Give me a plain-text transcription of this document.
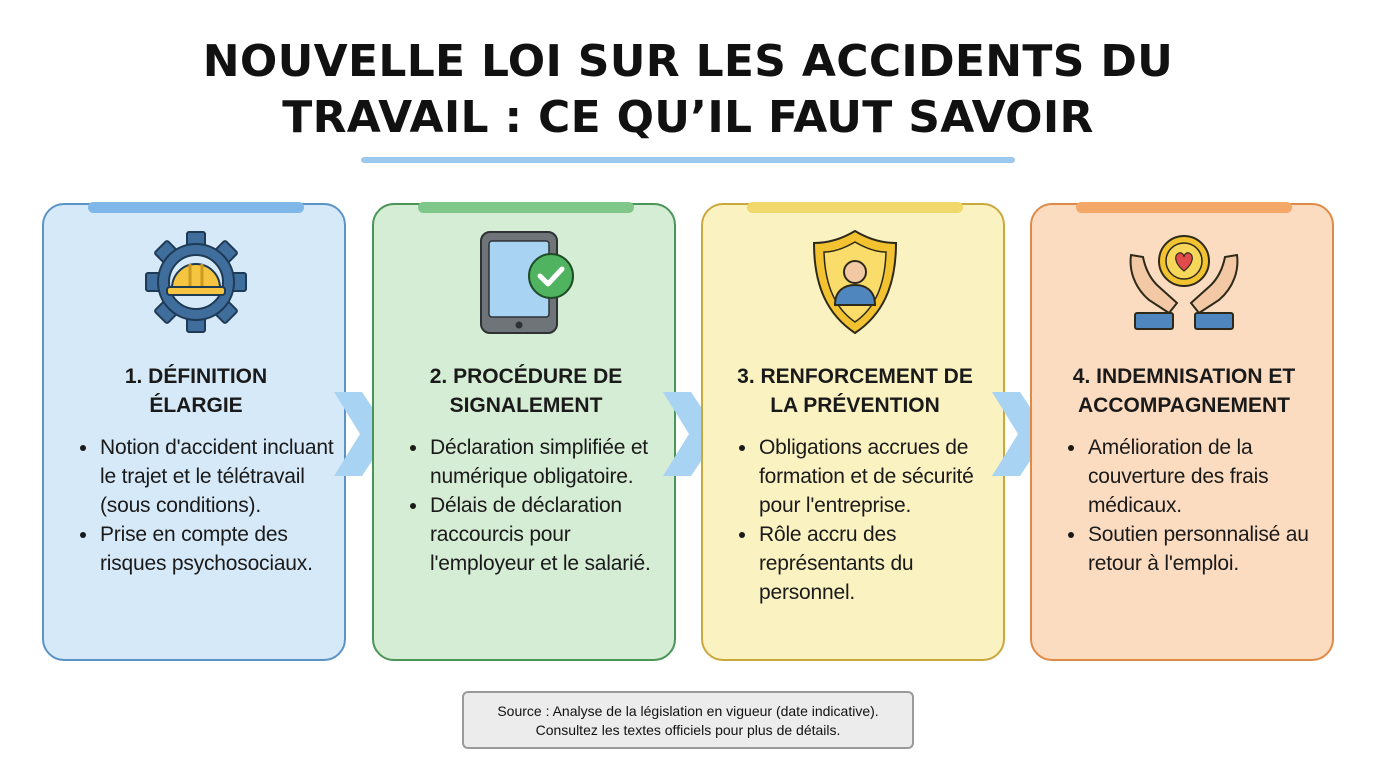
NOUVELLE LOI SUR LES ACCIDENTS DU
TRAVAIL : CE QU’IL FAUT SAVOIR
1. DÉFINITION
ÉLARGIE
Notion d'accident incluant le trajet et le télétravail (sous conditions).
Prise en compte des risques psychosociaux.
2. PROCÉDURE DE
SIGNALEMENT
Déclaration simplifiée et numérique obligatoire.
Délais de déclaration raccourcis pour l'employeur et le salarié.
3. RENFORCEMENT DE
LA PRÉVENTION
Obligations accrues de formation et de sécurité pour l'entreprise.
Rôle accru des représentants du personnel.
4. INDEMNISATION ET
ACCOMPAGNEMENT
Amélioration de la couverture des frais médicaux.
Soutien personnalisé au retour à l'emploi.
Source : Analyse de la législation en vigueur (date indicative).
Consultez les textes officiels pour plus de détails.
